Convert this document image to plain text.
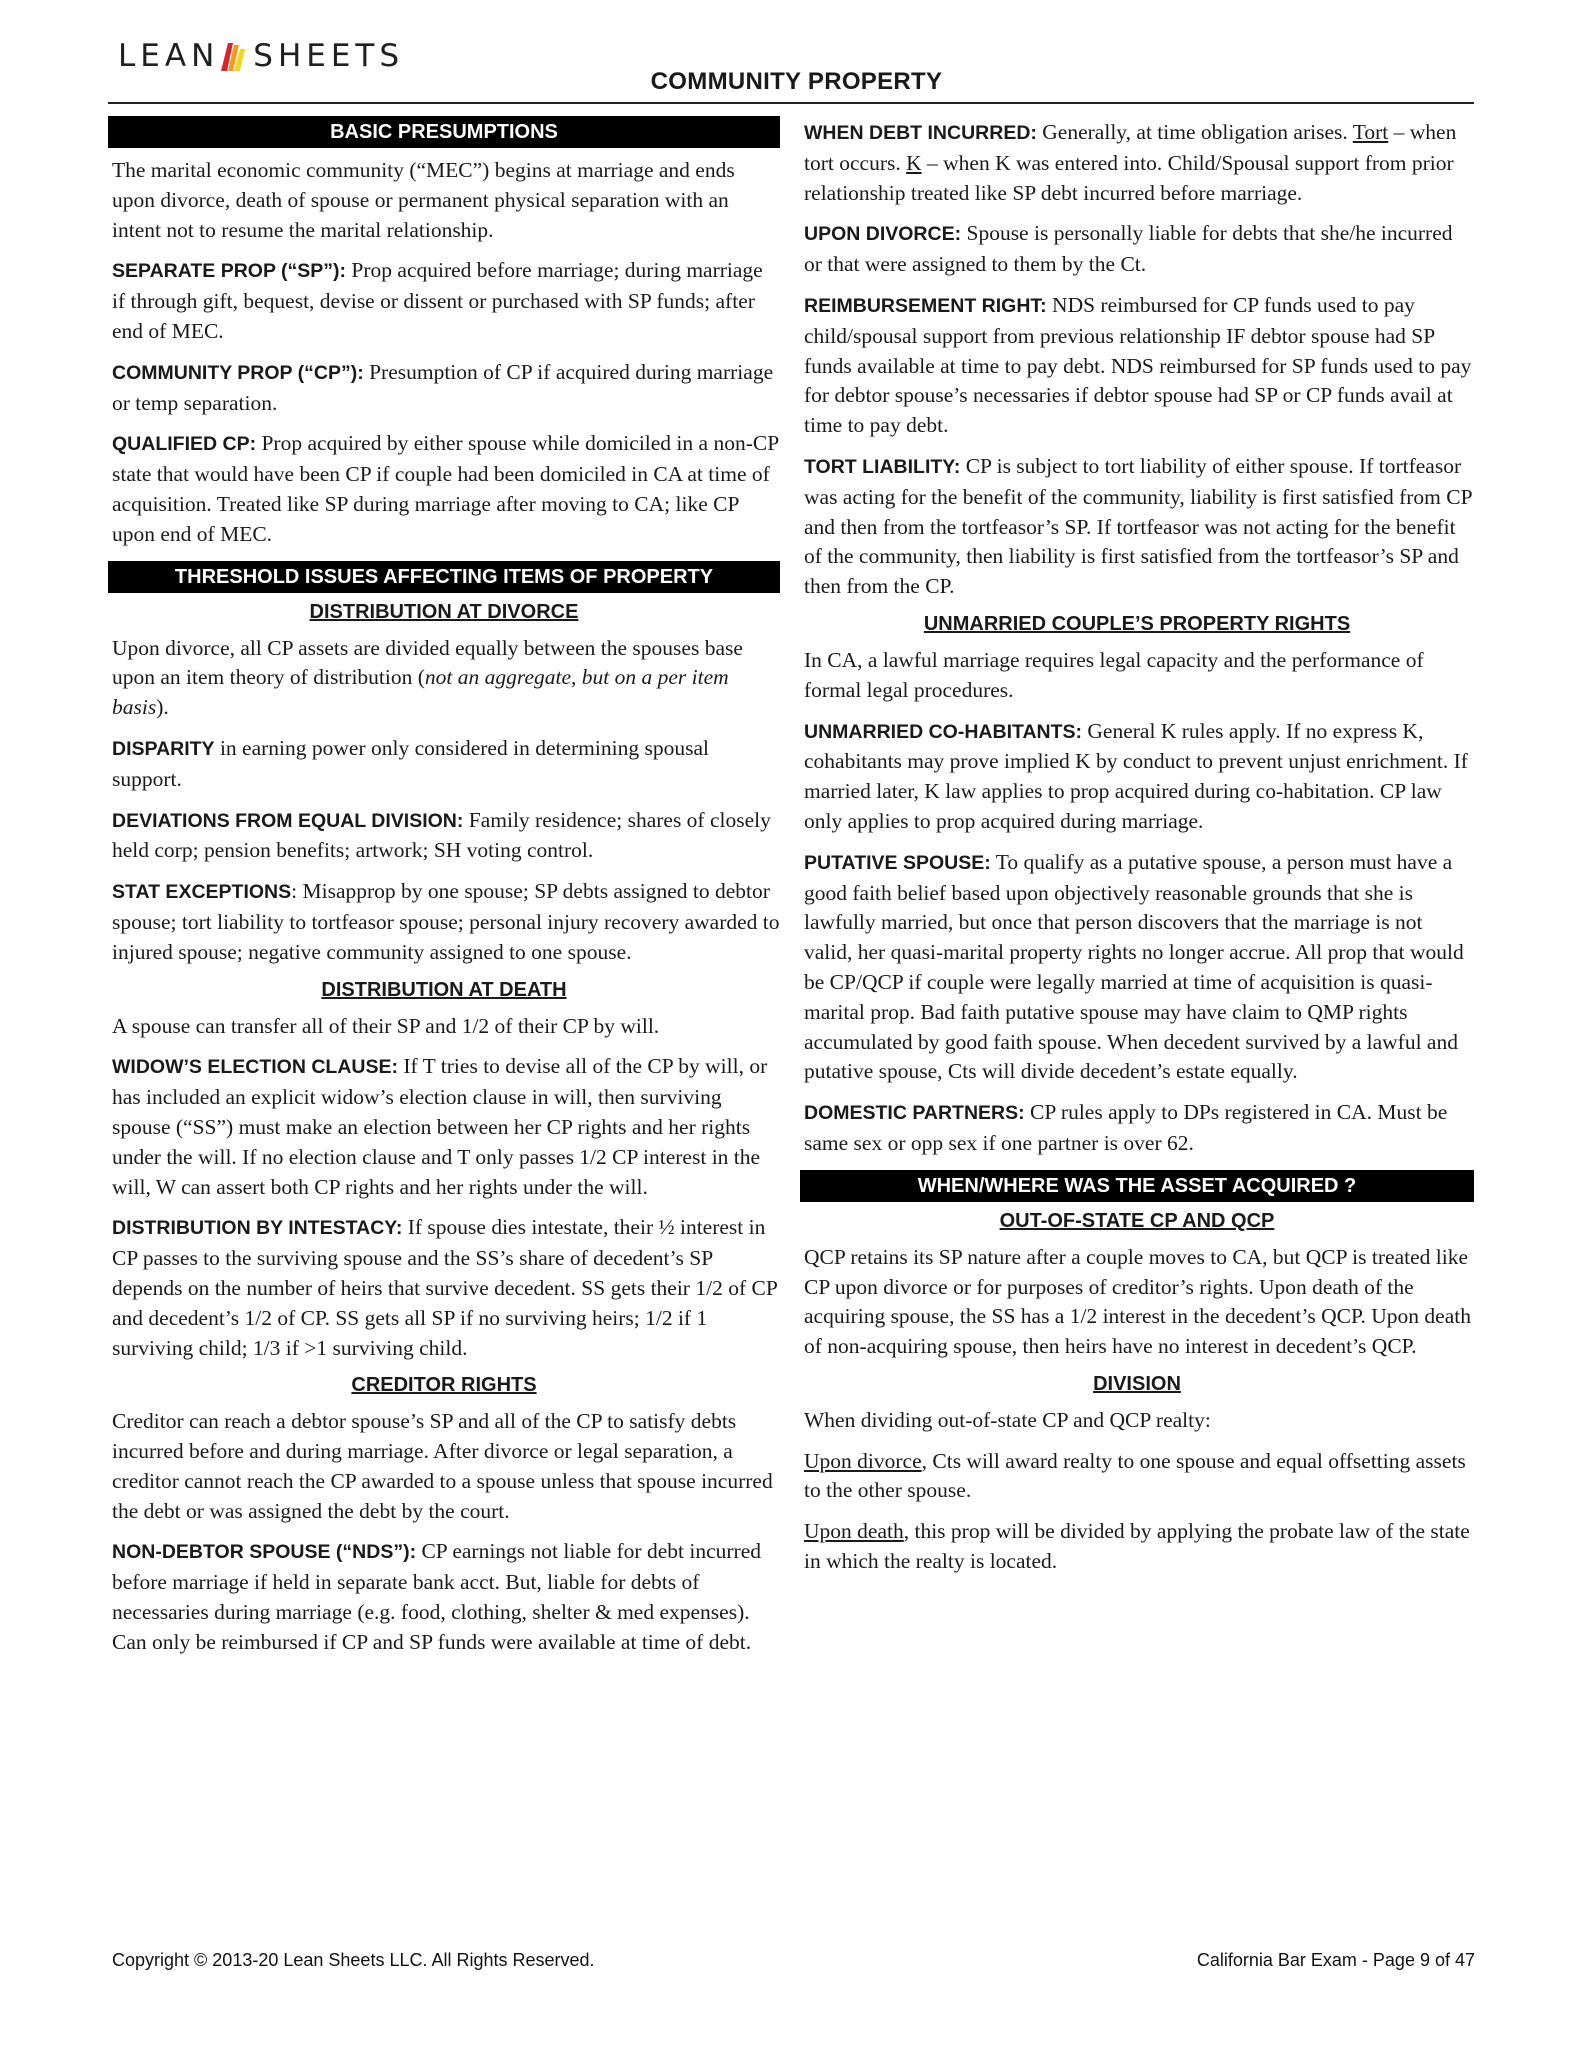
LEAN SHEETS
COMMUNITY PROPERTY
BASIC PRESUMPTIONS

The marital economic community (“MEC”) begins at marriage and ends upon divorce, death of spouse or permanent physical separation with an intent not to resume the marital relationship.

SEPARATE PROP (“SP”): Prop acquired before marriage; during marriage if through gift, bequest, devise or dissent or purchased with SP funds; after end of MEC.

COMMUNITY PROP (“CP”): Presumption of CP if acquired during marriage or temp separation.

QUALIFIED CP: Prop acquired by either spouse while domiciled in a non-CP state that would have been CP if couple had been domiciled in CA at time of acquisition. Treated like SP during marriage after moving to CA; like CP upon end of MEC.

THRESHOLD ISSUES AFFECTING ITEMS OF PROPERTY
DISTRIBUTION AT DIVORCE

Upon divorce, all CP assets are divided equally between the spouses base upon an item theory of distribution (not an aggregate, but on a per item basis).

DISPARITY in earning power only considered in determining spousal support.

DEVIATIONS FROM EQUAL DIVISION: Family residence; shares of closely held corp; pension benefits; artwork; SH voting control.

STAT EXCEPTIONS: Misapprop by one spouse; SP debts assigned to debtor spouse; tort liability to tortfeasor spouse; personal injury recovery awarded to injured spouse; negative community assigned to one spouse.

DISTRIBUTION AT DEATH

A spouse can transfer all of their SP and 1/2 of their CP by will.

WIDOW’S ELECTION CLAUSE: If T tries to devise all of the CP by will, or has included an explicit widow’s election clause in will, then surviving spouse (“SS”) must make an election between her CP rights and her rights under the will. If no election clause and T only passes 1/2 CP interest in the will, W can assert both CP rights and her rights under the will.

DISTRIBUTION BY INTESTACY: If spouse dies intestate, their ½ interest in CP passes to the surviving spouse and the SS’s share of decedent’s SP depends on the number of heirs that survive decedent. SS gets their 1/2 of CP and decedent’s 1/2 of CP. SS gets all SP if no surviving heirs; 1/2 if 1 surviving child; 1/3 if >1 surviving child.

CREDITOR RIGHTS

Creditor can reach a debtor spouse’s SP and all of the CP to satisfy debts incurred before and during marriage. After divorce or legal separation, a creditor cannot reach the CP awarded to a spouse unless that spouse incurred the debt or was assigned the debt by the court.

NON-DEBTOR SPOUSE (“NDS”): CP earnings not liable for debt incurred before marriage if held in separate bank acct. But, liable for debts of necessaries during marriage (e.g. food, clothing, shelter & med expenses). Can only be reimbursed if CP and SP funds were available at time of debt.

WHEN DEBT INCURRED: Generally, at time obligation arises. Tort – when tort occurs. K – when K was entered into. Child/Spousal support from prior relationship treated like SP debt incurred before marriage.

UPON DIVORCE: Spouse is personally liable for debts that she/he incurred or that were assigned to them by the Ct.

REIMBURSEMENT RIGHT: NDS reimbursed for CP funds used to pay child/spousal support from previous relationship IF debtor spouse had SP funds available at time to pay debt. NDS reimbursed for SP funds used to pay for debtor spouse’s necessaries if debtor spouse had SP or CP funds avail at time to pay debt.

TORT LIABILITY: CP is subject to tort liability of either spouse. If tortfeasor was acting for the benefit of the community, liability is first satisfied from CP and then from the tortfeasor’s SP. If tortfeasor was not acting for the benefit of the community, then liability is first satisfied from the tortfeasor’s SP and then from the CP.

UNMARRIED COUPLE’S PROPERTY RIGHTS

In CA, a lawful marriage requires legal capacity and the performance of formal legal procedures.

UNMARRIED CO-HABITANTS: General K rules apply. If no express K, cohabitants may prove implied K by conduct to prevent unjust enrichment. If married later, K law applies to prop acquired during co-habitation. CP law only applies to prop acquired during marriage.

PUTATIVE SPOUSE: To qualify as a putative spouse, a person must have a good faith belief based upon objectively reasonable grounds that she is lawfully married, but once that person discovers that the marriage is not valid, her quasi-marital property rights no longer accrue. All prop that would be CP/QCP if couple were legally married at time of acquisition is quasi-marital prop. Bad faith putative spouse may have claim to QMP rights accumulated by good faith spouse. When decedent survived by a lawful and putative spouse, Cts will divide decedent’s estate equally.

DOMESTIC PARTNERS: CP rules apply to DPs registered in CA. Must be same sex or opp sex if one partner is over 62.

WHEN/WHERE WAS THE ASSET ACQUIRED ?
OUT-OF-STATE CP AND QCP

QCP retains its SP nature after a couple moves to CA, but QCP is treated like CP upon divorce or for purposes of creditor’s rights. Upon death of the acquiring spouse, the SS has a 1/2 interest in the decedent’s QCP. Upon death of non-acquiring spouse, then heirs have no interest in decedent’s QCP.

DIVISION

When dividing out-of-state CP and QCP realty:

Upon divorce, Cts will award realty to one spouse and equal offsetting assets to the other spouse.

Upon death, this prop will be divided by applying the probate law of the state in which the realty is located.

Copyright © 2013-20 Lean Sheets LLC. All Rights Reserved.	California Bar Exam - Page 9 of 47
